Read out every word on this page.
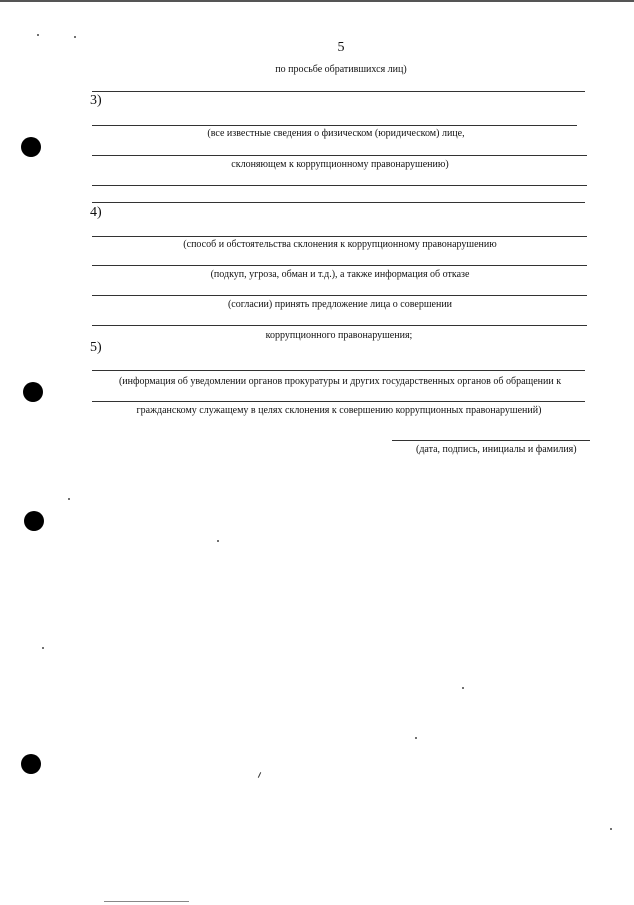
5
по просьбе обратившихся лиц)
3)
(все известные сведения о физическом (юридическом) лице,
склоняющем к коррупционному правонарушению)
4)
(способ и обстоятельства склонения к коррупционному правонарушению
(подкуп, угроза, обман и т.д.), а также информация об отказе
(согласии) принять предложение лица о совершении
коррупционного правонарушения;
5)
(информация об уведомлении органов прокуратуры и других государственных органов об обращении к
гражданскому служащему в целях склонения к совершению коррупционных правонарушений)
(дата, подпись, инициалы и фамилия)
